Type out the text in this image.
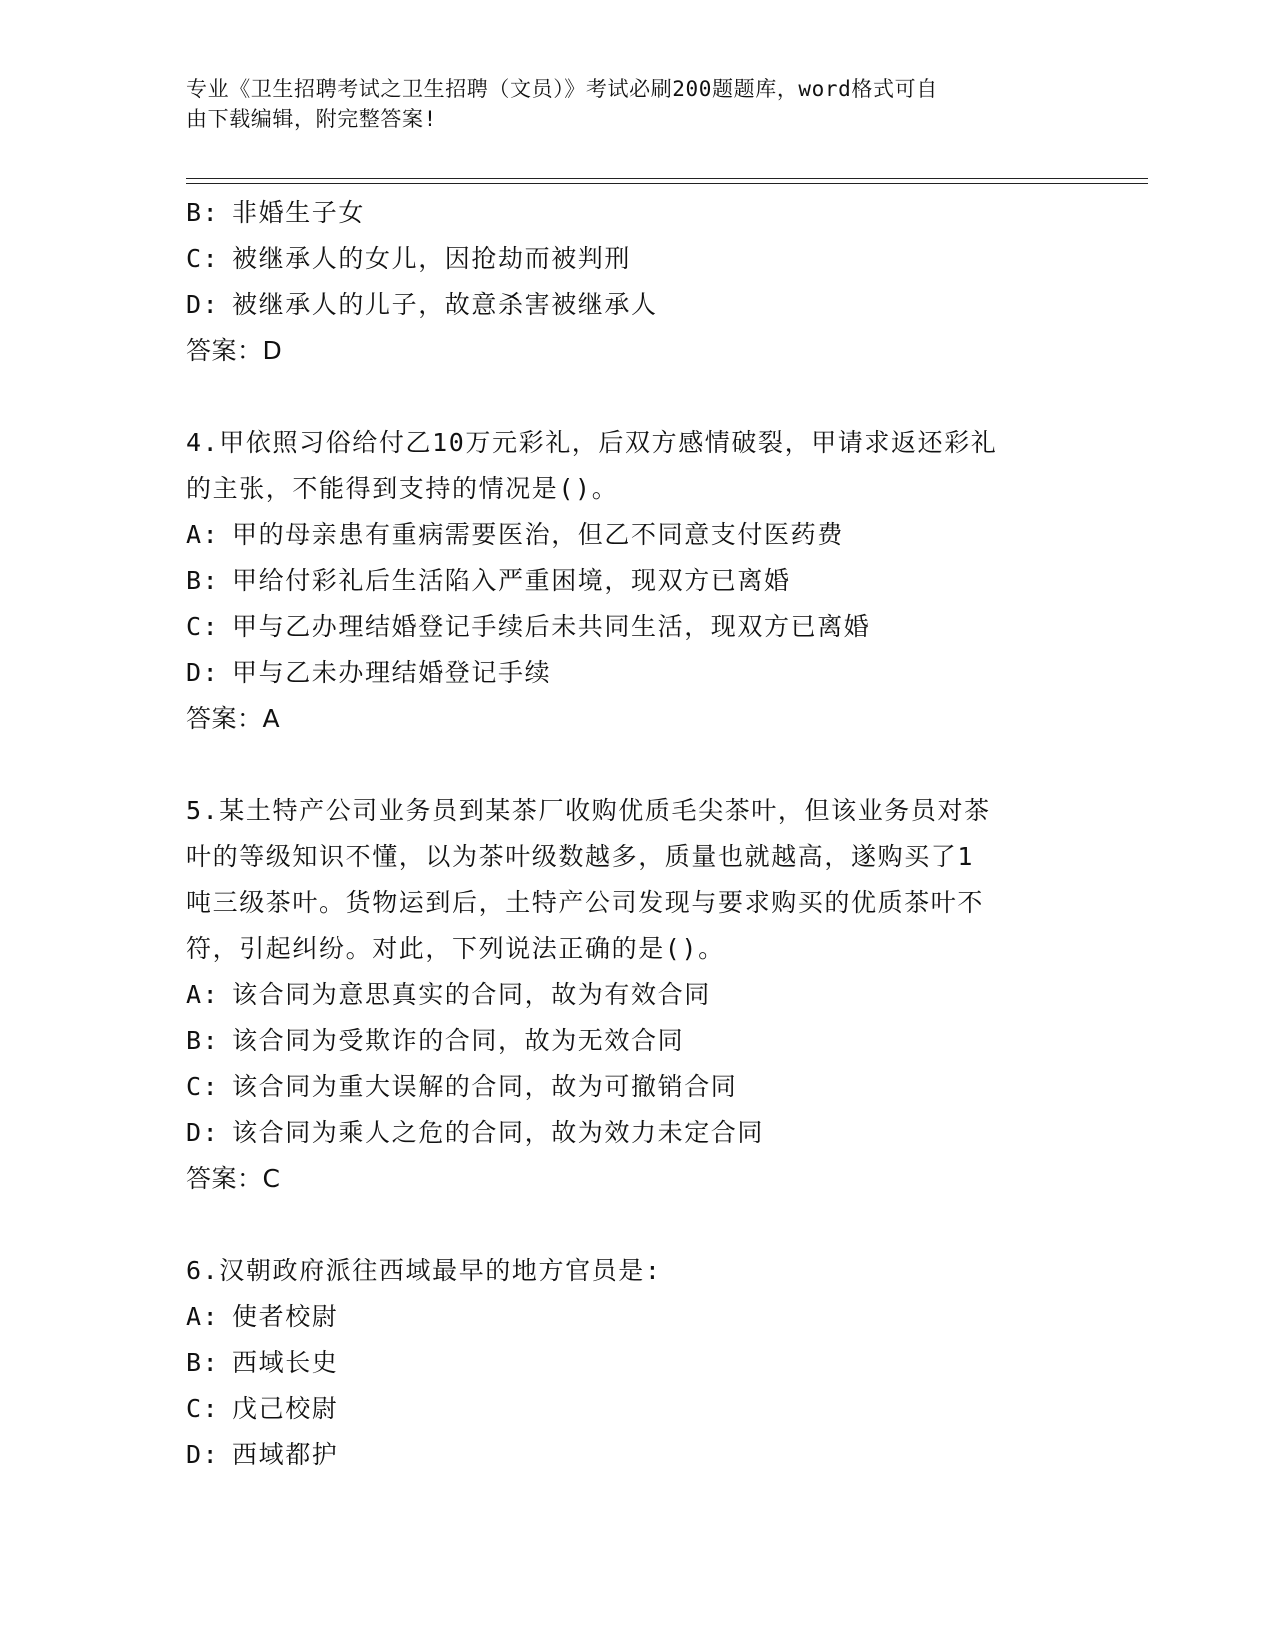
专业《卫生招聘考试之卫生招聘（文员）》考试必刷200题题库，word格式可自
由下载编辑，附完整答案!
B: 非婚生子女
C: 被继承人的女儿，因抢劫而被判刑
D: 被继承人的儿子，故意杀害被继承人
答案：D
4.甲依照习俗给付乙10万元彩礼，后双方感情破裂，甲请求返还彩礼
的主张，不能得到支持的情况是()。
A: 甲的母亲患有重病需要医治，但乙不同意支付医药费
B: 甲给付彩礼后生活陷入严重困境，现双方已离婚
C: 甲与乙办理结婚登记手续后未共同生活，现双方已离婚
D: 甲与乙未办理结婚登记手续
答案：A
5.某土特产公司业务员到某茶厂收购优质毛尖茶叶，但该业务员对茶
叶的等级知识不懂，以为茶叶级数越多，质量也就越高，遂购买了1
吨三级茶叶。货物运到后，土特产公司发现与要求购买的优质茶叶不
符，引起纠纷。对此，下列说法正确的是()。
A: 该合同为意思真实的合同，故为有效合同
B: 该合同为受欺诈的合同，故为无效合同
C: 该合同为重大误解的合同，故为可撤销合同
D: 该合同为乘人之危的合同，故为效力未定合同
答案：C
6.汉朝政府派往西域最早的地方官员是:
A: 使者校尉
B: 西域长史
C: 戊己校尉
D: 西域都护
